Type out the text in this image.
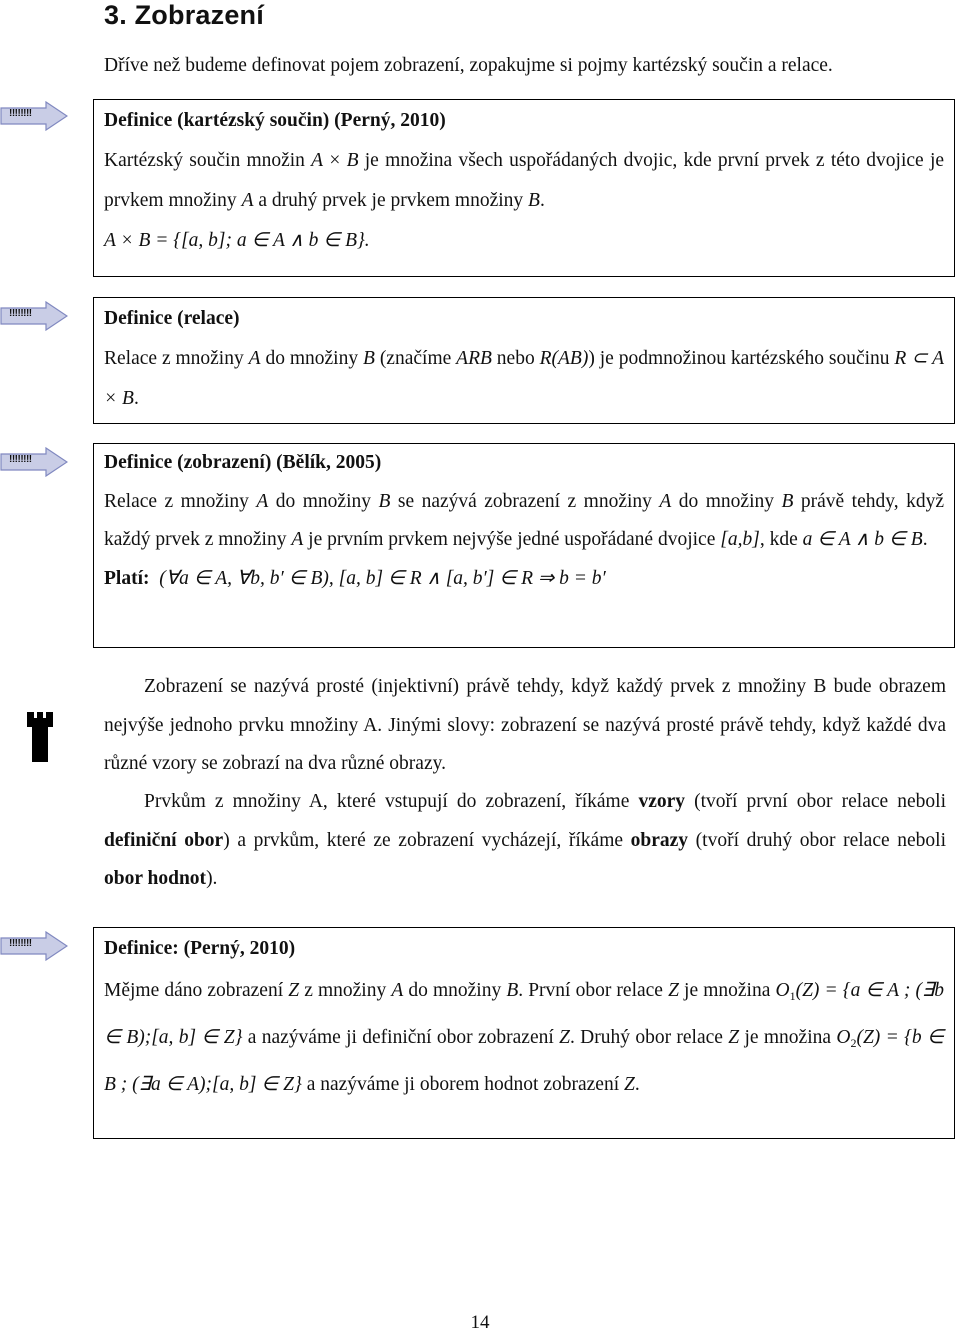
3. Zobrazení
Dříve než budeme definovat pojem zobrazení, zopakujme si pojmy kartézský součin a relace.
!!!!!!!!	Definice (kartézský součin) (Perný, 2010)

Kartézský součin množin A × B je množina všech uspořádaných dvojic, kde první prvek z této dvojice je prvkem množiny A a druhý prvek je prvkem množiny B.

A × B = {[a, b]; a ∈ A ∧ b ∈ B}.

!!!!!!!!	Definice (relace)

Relace z množiny A do množiny B (značíme ARB nebo R(AB)) je podmnožinou kartézského součinu R ⊂ A × B.

!!!!!!!!	Definice (zobrazení) (Bělík, 2005)

Relace z množiny A do množiny B se nazývá zobrazení z množiny A do množiny B právě tehdy, když každý prvek z množiny A je prvním prvkem nejvýše jedné uspořádané dvojice [a,b], kde a ∈ A ∧ b ∈ B.

Platí: (∀a ∈ A, ∀b, b′ ∈ B), [a, b] ∈ R ∧ [a, b′] ∈ R ⇒ b = b′

Zobrazení se nazývá prosté (injektivní) právě tehdy, když každý prvek z množiny B bude obrazem nejvýše jednoho prvku množiny A. Jinými slovy: zobrazení se nazývá prosté právě tehdy, když každé dva různé vzory se zobrazí na dva různé obrazy.
Prvkům z množiny A, které vstupují do zobrazení, říkáme vzory (tvoří první obor relace neboli definiční obor) a prvkům, které ze zobrazení vycházejí, říkáme obrazy (tvoří druhý obor relace neboli obor hodnot).
!!!!!!!!	Definice: (Perný, 2010)

Mějme dáno zobrazení Z z množiny A do množiny B. První obor relace Z je množina $O_1(Z) = \{a$ ∈ A ; (∃b ∈ B);[a, b] ∈ Z} a nazýváme ji definiční obor zobrazení Z. Druhý obor relace Z je množina $O_2(Z) = \{b$ ∈ B ; (∃a ∈ A);[a, b] ∈ Z} a nazýváme ji oborem hodnot zobrazení Z.

14
